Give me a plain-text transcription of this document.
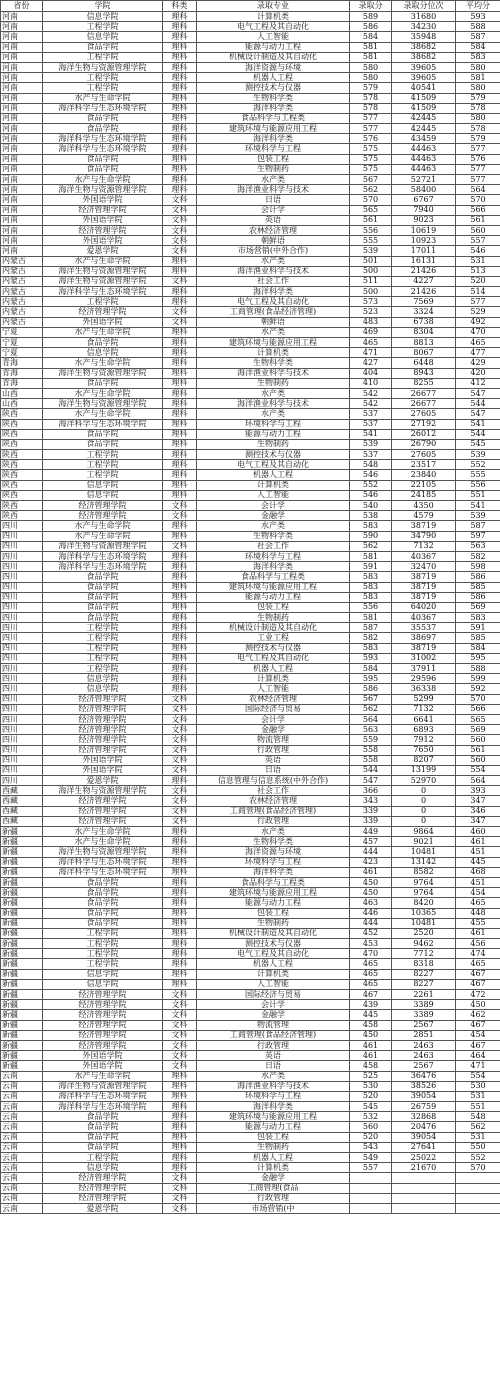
省份	学院	科类	录取专业	录取分	录取分位次	平均分
河南	信息学院	理科	计算机类	589	31680	593
河南	工程学院	理科	电气工程及其自动化	586	34230	588
河南	信息学院	理科	人工智能	584	35948	587
河南	食品学院	理科	能源与动力工程	581	38682	584
河南	工程学院	理科	机械设计制造及其自动化	581	38682	583
河南	海洋生物与资源管理学院	理科	海洋资源与环境	580	39605	580
河南	工程学院	理科	机器人工程	580	39605	581
河南	工程学院	理科	测控技术与仪器	579	40541	580
河南	水产与生命学院	理科	生物科学类	578	41509	579
河南	海洋科学与生态环境学院	理科	海洋科学类	578	41509	578
河南	食品学院	理科	食品科学与工程类	577	42445	580
河南	食品学院	理科	建筑环境与能源应用工程	577	42445	578
河南	海洋科学与生态环境学院	理科	海洋科学类	576	43459	579
河南	海洋科学与生态环境学院	理科	环境科学与工程	575	44463	577
河南	食品学院	理科	包装工程	575	44463	576
河南	食品学院	理科	生物制药	575	44463	577
河南	水产与生命学院	理科	水产类	567	52721	577
河南	海洋生物与资源管理学院	理科	海洋渔业科学与技术	562	58400	564
河南	外国语学院	文科	日语	570	6767	570
河南	经济管理学院	文科	会计学	565	7940	566
河南	外国语学院	文科	英语	561	9023	561
河南	经济管理学院	文科	农林经济管理	556	10619	560
河南	外国语学院	文科	朝鲜语	555	10923	557
河南	爱恩学院	文科	市场营销(中外合作)	539	17011	546
内蒙古	水产与生命学院	理科	水产类	501	16131	531
内蒙古	海洋生物与资源管理学院	理科	海洋渔业科学与技术	500	21426	513
内蒙古	海洋生物与资源管理学院	文科	社会工作	511	4227	520
内蒙古	海洋科学与生态环境学院	理科	海洋科学类	500	21426	514
内蒙古	工程学院	理科	电气工程及其自动化	573	7569	577
内蒙古	经济管理学院	文科	工商管理(食品经济管理)	523	3324	529
内蒙古	外国语学院	文科	朝鲜语	483	6738	492
宁夏	水产与生命学院	理科	水产类	469	8304	470
宁夏	食品学院	理科	建筑环境与能源应用工程	465	8813	465
宁夏	信息学院	理科	计算机类	471	8067	477
青海	水产与生命学院	理科	生物科学类	427	6448	429
青海	海洋生物与资源管理学院	理科	海洋渔业科学与技术	404	8943	420
青海	食品学院	理科	生物制药	410	8255	412
山西	水产与生命学院	理科	水产类	542	26677	547
山西	海洋生物与资源管理学院	理科	海洋渔业科学与技术	542	26677	544
陕西	水产与生命学院	理科	水产类	537	27605	547
陕西	海洋科学与生态环境学院	理科	环境科学与工程	537	27192	541
陕西	食品学院	理科	能源与动力工程	541	26012	544
陕西	食品学院	理科	生物制药	539	26790	545
陕西	工程学院	理科	测控技术与仪器	537	27605	539
陕西	工程学院	理科	电气工程及其自动化	548	23517	552
陕西	工程学院	理科	机器人工程	546	23840	555
陕西	信息学院	理科	计算机类	552	22105	556
陕西	信息学院	理科	人工智能	546	24185	551
陕西	经济管理学院	文科	会计学	540	4350	541
陕西	经济管理学院	文科	金融学	538	4579	539
四川	水产与生命学院	理科	水产类	583	38719	587
四川	水产与生命学院	理科	生物科学类	590	34790	597
四川	海洋生物与资源管理学院	文科	社会工作	562	7132	563
四川	海洋科学与生态环境学院	理科	环境科学与工程	581	40367	582
四川	海洋科学与生态环境学院	理科	海洋科学类	591	32470	598
四川	食品学院	理科	食品科学与工程类	583	38719	586
四川	食品学院	理科	建筑环境与能源应用工程	583	38719	585
四川	食品学院	理科	能源与动力工程	583	38719	586
四川	食品学院	理科	包装工程	556	64020	569
四川	食品学院	理科	生物制药	581	40367	583
四川	工程学院	理科	机械设计制造及其自动化	587	35537	591
四川	工程学院	理科	工业工程	582	38697	585
四川	工程学院	理科	测控技术与仪器	583	38719	584
四川	工程学院	理科	电气工程及其自动化	593	31002	595
四川	工程学院	理科	机器人工程	584	37911	588
四川	信息学院	理科	计算机类	595	29596	599
四川	信息学院	理科	人工智能	586	36338	592
四川	经济管理学院	文科	农林经济管理	567	5299	570
四川	经济管理学院	文科	国际经济与贸易	562	7132	566
四川	经济管理学院	文科	会计学	564	6641	565
四川	经济管理学院	文科	金融学	563	6893	569
四川	经济管理学院	文科	物流管理	559	7912	560
四川	经济管理学院	文科	行政管理	558	7650	561
四川	外国语学院	文科	英语	558	8207	560
四川	外国语学院	文科	日语	544	13199	554
四川	爱恩学院	理科	信息管理与信息系统(中外合作)	547	52970	564
西藏	海洋生物与资源管理学院	文科	社会工作	366	0	393
西藏	经济管理学院	文科	农林经济管理	343	0	347
西藏	经济管理学院	文科	工商管理(食品经济管理)	339	0	346
西藏	经济管理学院	文科	行政管理	339	0	347
新疆	水产与生命学院	理科	水产类	449	9864	460
新疆	水产与生命学院	理科	生物科学类	457	9021	461
新疆	海洋生物与资源管理学院	理科	海洋资源与环境	444	10481	451
新疆	海洋科学与生态环境学院	理科	环境科学与工程	423	13142	445
新疆	海洋科学与生态环境学院	理科	海洋科学类	461	8582	468
新疆	食品学院	理科	食品科学与工程类	450	9764	451
新疆	食品学院	理科	建筑环境与能源应用工程	450	9764	454
新疆	食品学院	理科	能源与动力工程	463	8420	465
新疆	食品学院	理科	包装工程	446	10365	448
新疆	食品学院	理科	生物制药	444	10481	455
新疆	工程学院	理科	机械设计制造及其自动化	452	2520	461
新疆	工程学院	理科	测控技术与仪器	453	9462	456
新疆	工程学院	理科	电气工程及其自动化	470	7712	474
新疆	工程学院	理科	机器人工程	465	8318	465
新疆	信息学院	理科	计算机类	465	8227	467
新疆	信息学院	理科	人工智能	465	8227	467
新疆	经济管理学院	文科	国际经济与贸易	467	2261	472
新疆	经济管理学院	文科	会计学	439	3389	450
新疆	经济管理学院	文科	金融学	445	3389	462
新疆	经济管理学院	文科	物流管理	458	2567	467
新疆	经济管理学院	文科	工商管理(食品经济管理)	450	2851	454
新疆	经济管理学院	文科	行政管理	461	2463	467
新疆	外国语学院	文科	英语	461	2463	464
新疆	外国语学院	文科	日语	458	2567	471
云南	水产与生命学院	理科	水产类	525	36476	554
云南	海洋生物与资源管理学院	理科	海洋渔业科学与技术	530	38526	530
云南	海洋科学与生态环境学院	理科	环境科学与工程	520	39054	531
云南	海洋科学与生态环境学院	理科	海洋科学类	545	26759	551
云南	食品学院	理科	建筑环境与能源应用工程	532	32868	548
云南	食品学院	理科	能源与动力工程	560	20476	562
云南	食品学院	理科	包装工程	520	39054	531
云南	食品学院	理科	生物制药	543	27641	550
云南	工程学院	理科	机器人工程	549	25022	552
云南	信息学院	理科	计算机类	557	21670	570
云南	经济管理学院	文科	金融学			
云南	经济管理学院	文科	工商管理(食品			
云南	经济管理学院	文科	行政管理			
云南	爱恩学院	文科	市场营销(中			
